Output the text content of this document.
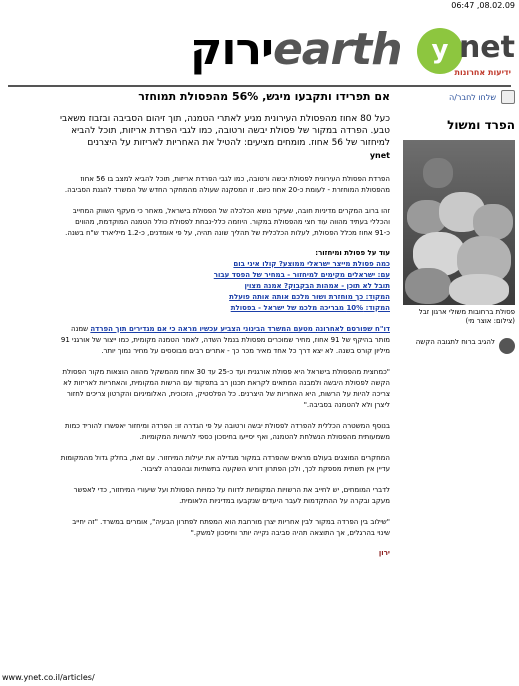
06:47 ,08.02.09
ירוקearth	y net
ידיעות אחרונות
שלחו לחבר/ה
הפרד ומשול
פסולת ברחובות משולי ארגון זבל (צילום: אוצר מי)
להגיב ברוח לתגובה הקשה
אם תפרידו ותקבעו מיגש, 56% מהפסולת תמוחזר
כעל 80 אחוז מהפסולת העירונית מגיע לאתרי הטמנה, תוך זיהום הסביבה ובזבוז משאבי טבע. הפרדה במקור של פסולת יבשה ורטובה, כמו לגבי הפרדת אריזות, תוכל להביא למיחזור של 56 אחוז. מומחים מציעים: להטיל את האחריות לאריזות על היצרנים
ynet

הפרדת הפסולת העירונית לפסולת יבשה ורטובה, כמו לגבי הפרדת אריזות, תוכל להביא למצב בו 56 אחוז מהפסולת המוחזרת - לעומת כ-20 אחוז כיום. זו המסקנה שעולה מהמחקר החדש של המשרד להגנת הסביבה.

זהו ברוב המקרים מדיניות חובה, שעיקר נושא הכלכלה של הפסולת בישראל, מאחר כי מעקף השווק המחייב והכללי בעתיד מהווה עוד חצי מהפסולת במקור. היוזמה כלל-נבחת לפסולת כולל הטמנה המוקדמת, מהווים כ-91 אחוז מכלל הפסולת, לעלות הכלכלית של תהליך שונה תהיה, על פי אומדנים, כ-1.2 מיליארד ש"ח בשנה.

עוד על פסולת ומיחזור:
כמה פסולת מייצר ישראלי ממוצע? קולו איני בום
עם: ישראלים מקימים למיחזור - במחיר של הפסד עבור
תובל לא תוכן - אמהות הבקבוק? אמנה מצוין
המקוד: כך מוחזרת ושור מלכם אותה אותה פועלת
המקוד: 10% מבריכה מלכמ של ישראל - בפסולת

דו"ח שפורסם לאחרונה מטעם המשרד הבינוני הצביע עכשיו מראה כי אם מגדירים תוך הפרדה שמנה מותר בהיקף של 91 אחוז, מחיר שמוכרים מפסולת בנמל השדה, לאמר הטמנה מקומית, כמו ייצור של אורגני 91 מיליון קורס בשנה. לא יצא דרך כל אחד מאיר מכר כך - אתרים רבים מבוססים על מחיר נמוך יותר.

"כמחצית מהפסולת בישראל היא פסולת אורגנית ועד כ-25 עד 30 אחוז מהמשקל מהווה הוצאות מקור הפסולת הקשה לפסולת היבשה ולמבנה המתאים לקראת תכנון רב בתפקוד עם הרשות המקומית, והאחריות לאריזות לא צריכה להיות על הרשות, היא האחריות של היצרנים. כל הפלסטיק, הזכוכית, האלומיניום והקרטון צריכים לחזור ליצרן ולא להטמנה בסביבה."

בנוסף המשטרה הכללית להפרדה לפסולת יבשה ורטובה על פי הגדרה זו: הפרדה ומיחזור יאפשרו להוריד כמות משמעותית מהפסולת הנשלחת להטמנה, ואף יסייעו בחיסכון כספי לרשויות המקומיות.

המחקרים המוצגים בעולם מראים שהפרדה במקור מגדילה את יעילות המיחזור. עם זאת, בחלק גדול מהמקומות עדיין אין תשתית מספקת לכך, ולכן הפתרון דורש השקעה בתשתיות ובהסברה לציבור.

לדברי המומחים, יש לחייב את הרשויות המקומיות לדווח על כמויות הפסולת ועל שיעורי המיחזור, כדי לאפשר מעקב ובקרה על ההתקדמות לעבר היעדים שנקבעו במדיניות הלאומית.

"שילוב בין הפרדה במקור לבין אחריות יצרן מורחבת הוא המפתח לפתרון הבעיה", אומרים במשרד. "זה יחייב שינוי בהרגלים, אך התוצאה תהיה סביבה נקייה יותר וחיסכון למשק."

ירון
www.ynet.co.il/articles/
